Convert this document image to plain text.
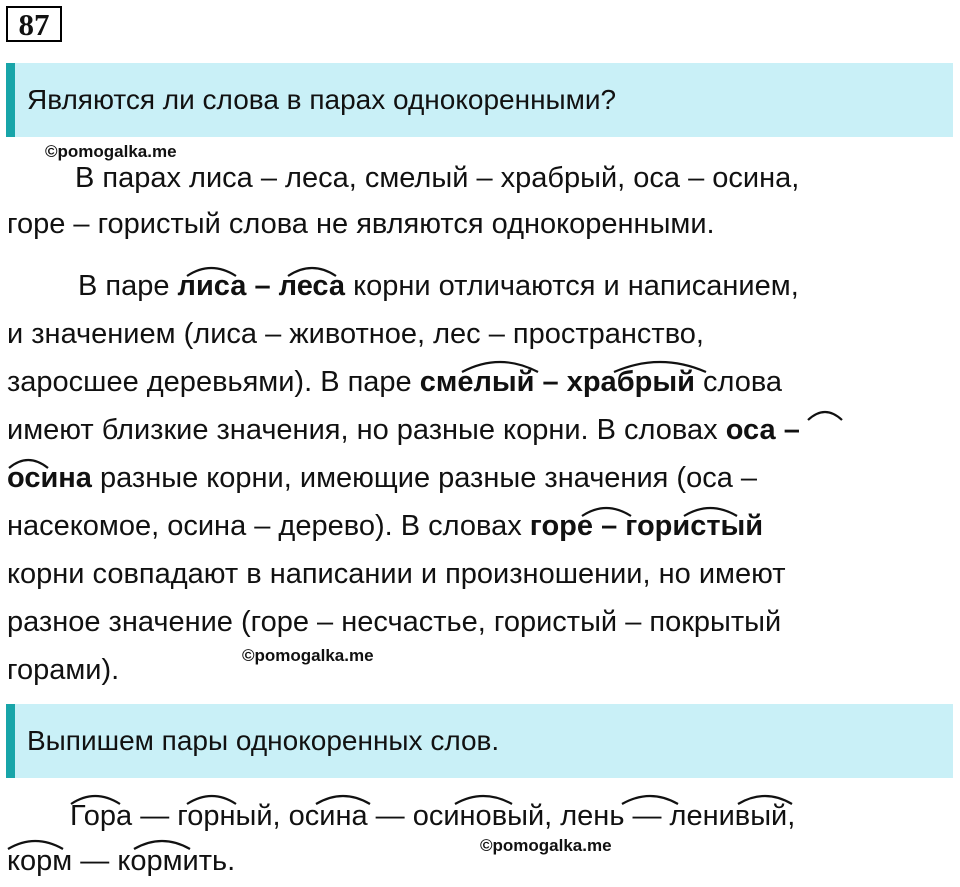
87
Являются ли слова в парах однокоренными?
©pomogalka.me
В парах лиса – леса, смелый – храбрый, оса – осина,
горе – гористый слова не являются однокоренными.
В паре лиса – леса корни отличаются и написанием,
и значением (лиса – животное, лес – пространство,
заросшее деревьями). В паре смелый – храбрый слова
имеют близкие значения, но разные корни. В словах оса –
осина разные корни, имеющие разные значения (оса –
насекомое, осина – дерево). В словах горе – гористый
корни совпадают в написании и произношении, но имеют
разное значение (горе – несчастье, гористый – покрытый
горами).	©pomogalka.me
Выпишем пары однокоренных слов.
Гора — горный, осина — осиновый, лень — ленивый,
корм — кормить.	©pomogalka.me
